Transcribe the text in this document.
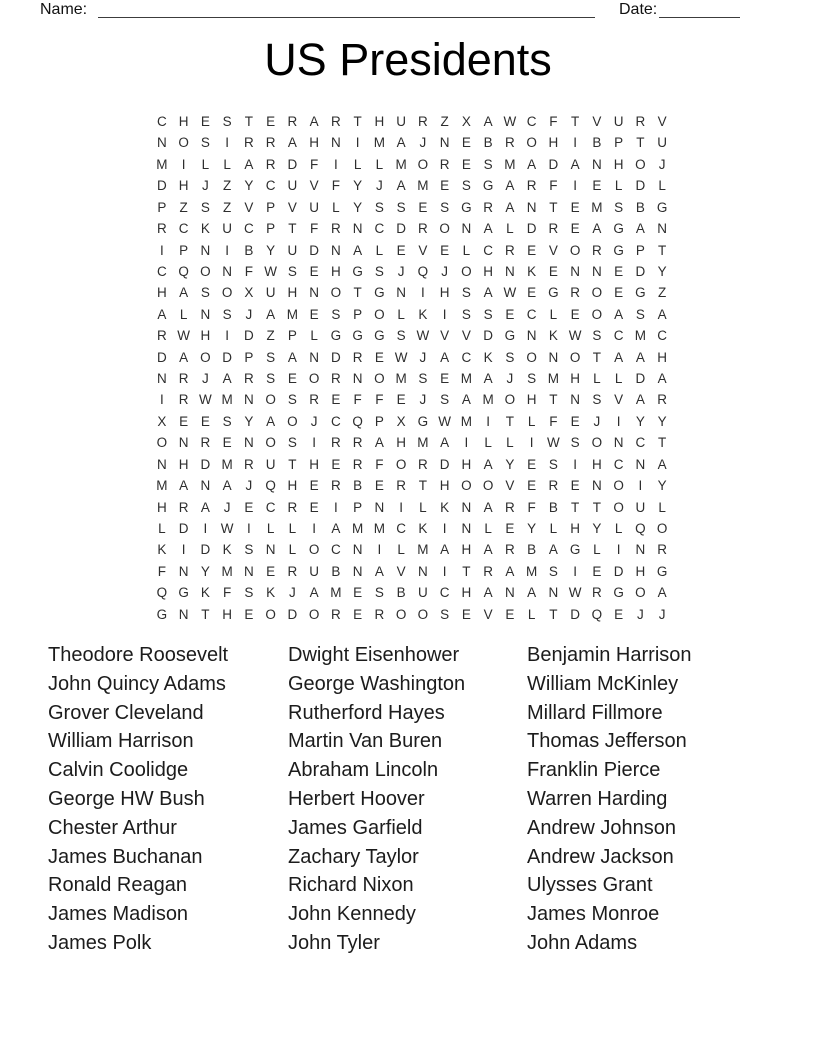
Name:	Date:
US Presidents
C H E S T E R A R T H U R Z X A W C F	T V U R V
N O S	I	R R A H N	I	M A	J	N E B R O H	I	B P T U
M	I	L	L A R D F	I	L	L M O R E S M A D A N H O J
D H	J	Z Y C U V F Y	J	A M E S G A R F	I	E L D L
P Z S Z V P V U L Y S S E S G R A N T E M S B G
R C K U C P T	F R N C D R O N A L D R E A G A N
I	P N	I	B Y U D N A L E V E L C R E V O R G P T
C Q O N F W S E H G S	J Q J O H N K E N N E D Y
H A S O X U H N O T G N	I	H S A W E G R O E G Z
A L N S	J	A M E S P O L K	I	S S E C L E O A S A
R W H	I	D Z P L G G G S W V V D G N K W S C M C
D A O D P S A N D R E W J	A C K S O N O T A A H
N R	J	A R S E O R N O M S E M A	J	S M H L	L D A
I	R W M N O S R E F	F E	J	S A M O H T N S V A R
X E E S Y A O J	C Q P X G W M	I	T	L	F E	J	I	Y Y
O N R E N O S	I	R R A H M A	I	L	L	I	W S O N C T
N H D M R U T H E R F O R D H A Y E S	I	H C N A
M A N A	J Q H E R B E R T H O O V E R E N O	I	Y
H R A	J	E C R E	I	P N	I	L K N A R F B T	T O U L
L D	I	W I	L	L	I	A M M C K	I	N L E Y L H Y L Q O
K	I	D K S N L O C N	I	L M A H A R B A G L	I	N R
F N Y M N E R U B N A V N	I	T R A M S	I	E D H G
Q G K F S K	J	A M E S B U C H A N A N W R G O A
G N T H E O D O R E R O O S E V E L	T D Q E	J	J
Theodore Roosevelt
John Quincy Adams
Grover Cleveland
William Harrison
Calvin Coolidge
George HW Bush
Chester Arthur
James Buchanan
Ronald Reagan
James Madison
James Polk
Dwight Eisenhower
George Washington
Rutherford Hayes
Martin Van Buren
Abraham Lincoln
Herbert Hoover
James Garfield
Zachary Taylor
Richard Nixon
John Kennedy
John Tyler
Benjamin Harrison
William McKinley
Millard Fillmore
Thomas Jefferson
Franklin Pierce
Warren Harding
Andrew Johnson
Andrew Jackson
Ulysses Grant
James Monroe
John Adams
